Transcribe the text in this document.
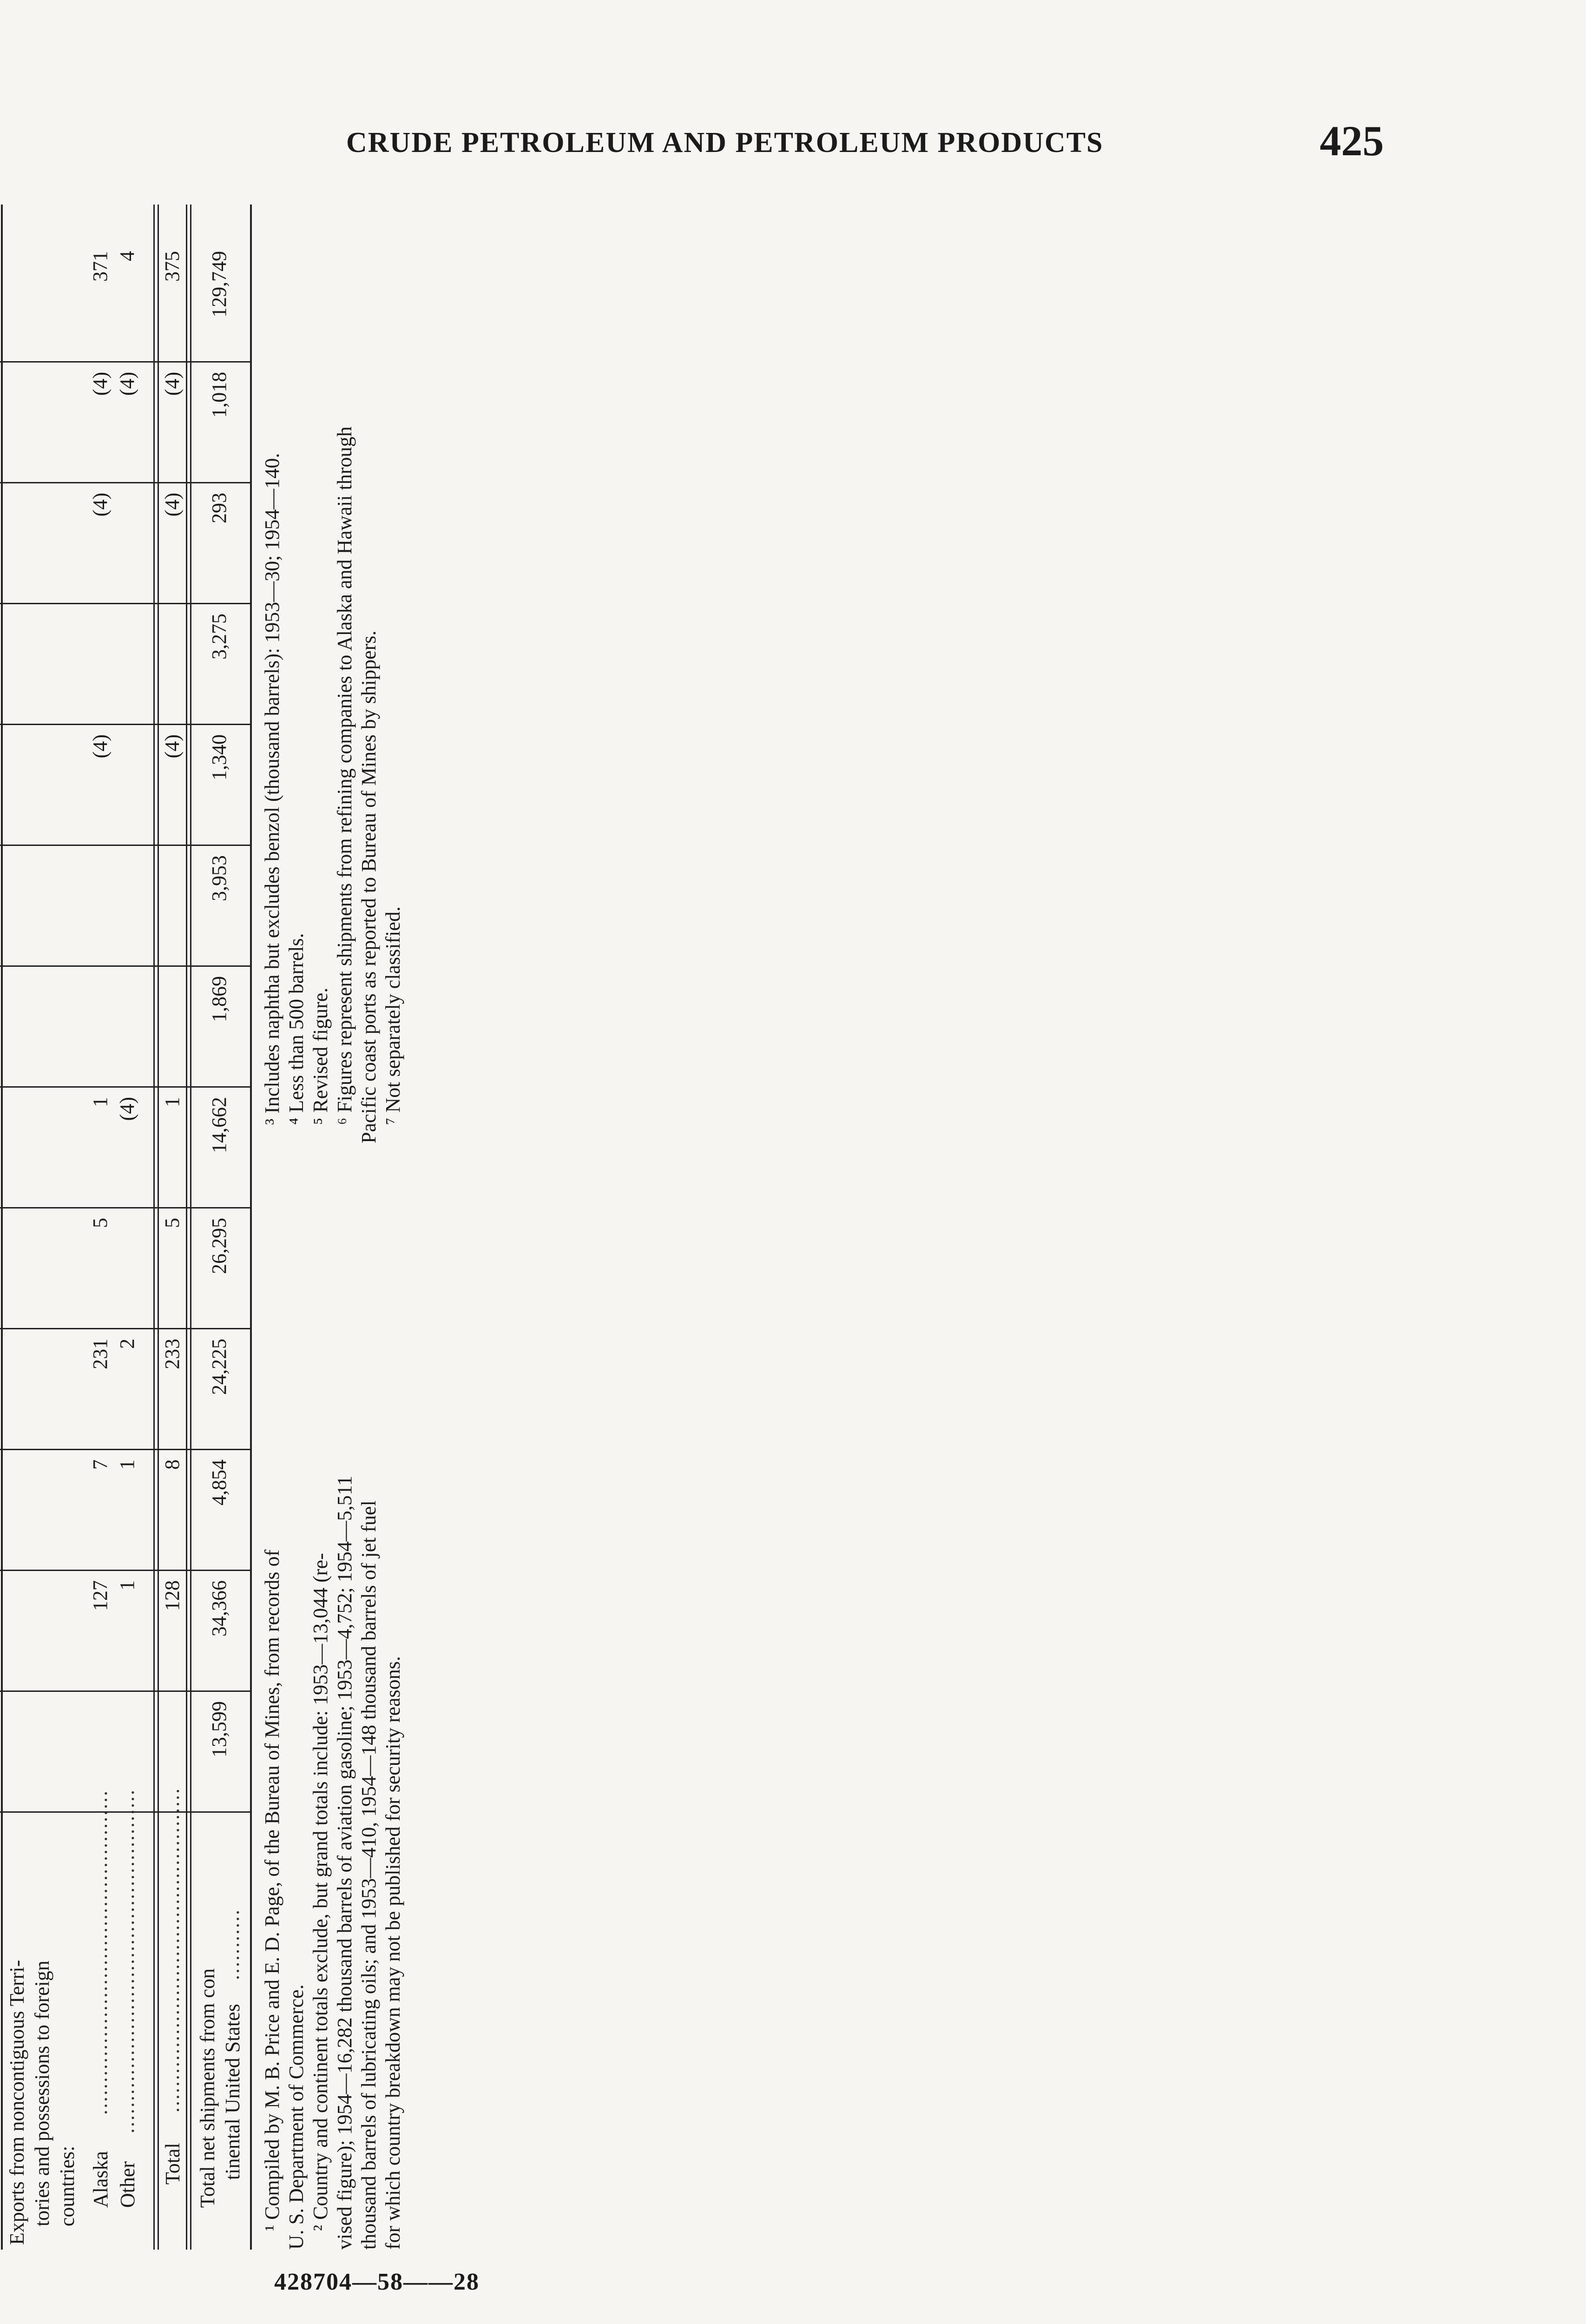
CRUDE PETROLEUM AND PETROLEUM PRODUCTS	425
Exports from noncontiguous Terri- tories and possessions to foreign countries: Alaska
..................................................
Other
.....................................................
Total
.................................................. Total net shipments from con tinental United States
...........
127
7
231
5
1
(4)
(4)
(4)
371
1
1
2
(4)
(4)
4
128
8
233
5
1
(4)
(4)
(4)
375
13,599
34,366
4,854
24,225
26,295
14,662
1,869
3,953
1,340
3,275
293
1,018
129,749

¹ Compiled by M. B. Price and E. D. Page, of the Bureau of Mines, from records of U. S. Department of Commerce. ² Country and continent totals exclude, but grand totals include: 1953—13,044 (re- vised figure); 1954—16,282 thousand barrels of aviation gasoline; 1953—4,752; 1954—5,511 thousand barrels of lubricating oils; and 1953—410, 1954—148 thousand barrels of jet fuel for which country breakdown may not be published for security reasons.

³ Includes naphtha but excludes benzol (thousand barrels): 1953—30; 1954—140. ⁴ Less than 500 barrels. ⁵ Revised figure. ⁶ Figures represent shipments from refining companies to Alaska and Hawaii through Pacific coast ports as reported to Bureau of Mines by shippers. ⁷ Not separately classified.

428704—58——28
